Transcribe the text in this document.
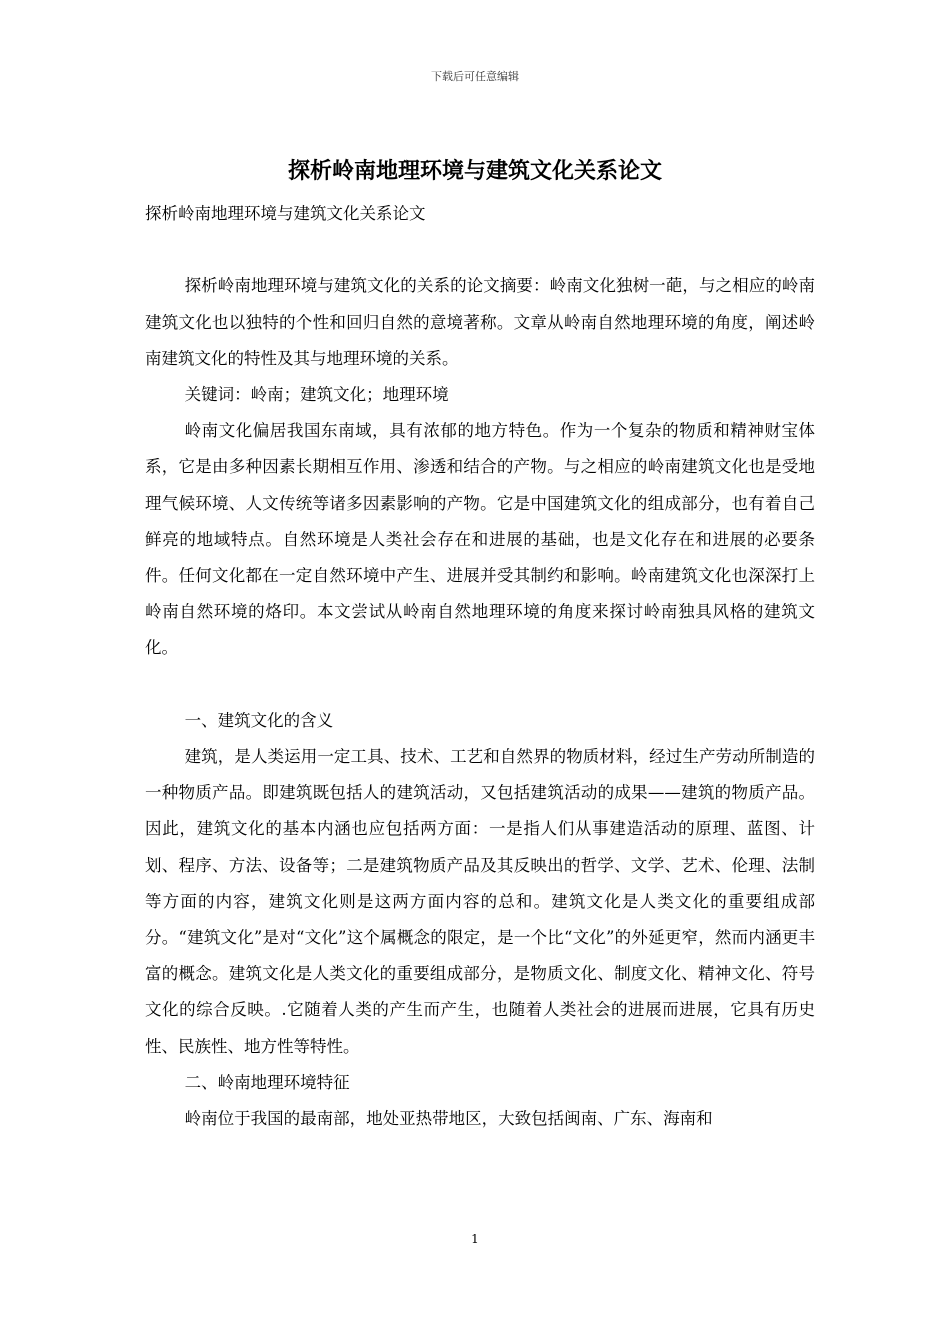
下载后可任意编辑
探析岭南地理环境与建筑文化关系论文

探析岭南地理环境与建筑文化关系论文

探析岭南地理环境与建筑文化的关系的论文摘要：岭南文化独树一葩，与之相应的岭南建筑文化也以独特的个性和回归自然的意境著称。文章从岭南自然地理环境的角度，阐述岭南建筑文化的特性及其与地理环境的关系。

关键词：岭南；建筑文化；地理环境

岭南文化偏居我国东南域，具有浓郁的地方特色。作为一个复杂的物质和精神财宝体系，它是由多种因素长期相互作用、渗透和结合的产物。与之相应的岭南建筑文化也是受地理气候环境、人文传统等诸多因素影响的产物。它是中国建筑文化的组成部分，也有着自己鲜亮的地域特点。自然环境是人类社会存在和进展的基础，也是文化存在和进展的必要条件。任何文化都在一定自然环境中产生、进展并受其制约和影响。岭南建筑文化也深深打上岭南自然环境的烙印。本文尝试从岭南自然地理环境的角度来探讨岭南独具风格的建筑文化。

一、建筑文化的含义

建筑，是人类运用一定工具、技术、工艺和自然界的物质材料，经过生产劳动所制造的一种物质产品。即建筑既包括人的建筑活动，又包括建筑活动的成果——建筑的物质产品。因此，建筑文化的基本内涵也应包括两方面：一是指人们从事建造活动的原理、蓝图、计划、程序、方法、设备等；二是建筑物质产品及其反映出的哲学、文学、艺术、伦理、法制等方面的内容，建筑文化则是这两方面内容的总和。建筑文化是人类文化的重要组成部分。“建筑文化”是对“文化”这个属概念的限定，是一个比“文化”的外延更窄，然而内涵更丰富的概念。建筑文化是人类文化的重要组成部分，是物质文化、制度文化、精神文化、符号文化的综合反映。.它随着人类的产生而产生，也随着人类社会的进展而进展，它具有历史性、民族性、地方性等特性。

二、岭南地理环境特征

岭南位于我国的最南部，地处亚热带地区，大致包括闽南、广东、海南和

1
